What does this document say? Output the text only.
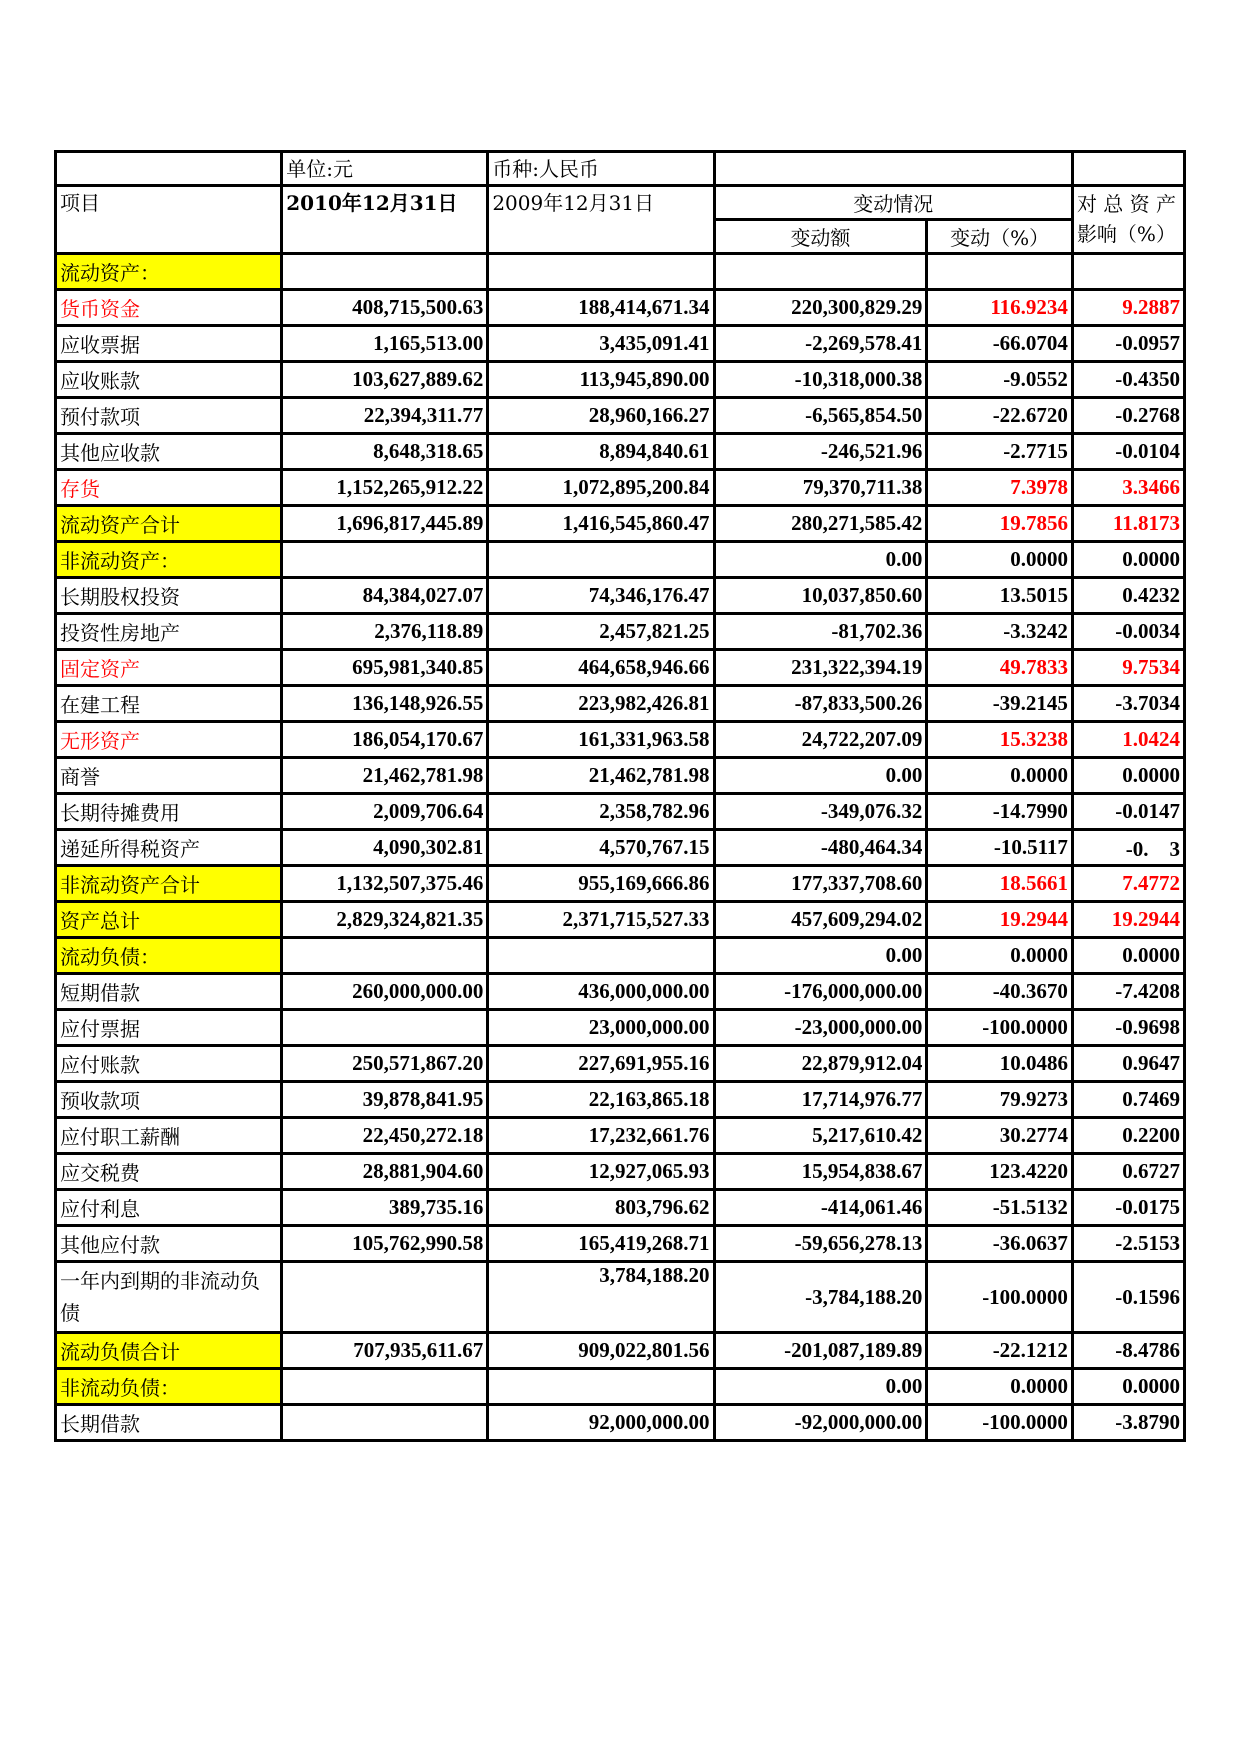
	单位:元	币种:人民币			
项目	2010年12月31日	2009年12月31日	变动情况		对 总 资 产
影响（%）

			变动额	变动（%）	
流动资产：					
货币资金	408,715,500.63	188,414,671.34	220,300,829.29	116.9234	9.2887
应收票据	1,165,513.00	3,435,091.41	-2,269,578.41	-66.0704	-0.0957
应收账款	103,627,889.62	113,945,890.00	-10,318,000.38	-9.0552	-0.4350
预付款项	22,394,311.77	28,960,166.27	-6,565,854.50	-22.6720	-0.2768
其他应收款	8,648,318.65	8,894,840.61	-246,521.96	-2.7715	-0.0104
存货	1,152,265,912.22	1,072,895,200.84	79,370,711.38	7.3978	3.3466
流动资产合计	1,696,817,445.89	1,416,545,860.47	280,271,585.42	19.7856	11.8173
非流动资产：			0.00	0.0000	0.0000
长期股权投资	84,384,027.07	74,346,176.47	10,037,850.60	13.5015	0.4232
投资性房地产	2,376,118.89	2,457,821.25	-81,702.36	-3.3242	-0.0034
固定资产	695,981,340.85	464,658,946.66	231,322,394.19	49.7833	9.7534
在建工程	136,148,926.55	223,982,426.81	-87,833,500.26	-39.2145	-3.7034
无形资产	186,054,170.67	161,331,963.58	24,722,207.09	15.3238	1.0424
商誉	21,462,781.98	21,462,781.98	0.00	0.0000	0.0000
长期待摊费用	2,009,706.64	2,358,782.96	-349,076.32	-14.7990	-0.0147
递延所得税资产	4,090,302.81	4,570,767.15	-480,464.34	-10.5117	-0.　3
非流动资产合计	1,132,507,375.46	955,169,666.86	177,337,708.60	18.5661	7.4772
资产总计	2,829,324,821.35	2,371,715,527.33	457,609,294.02	19.2944	19.2944
流动负债：			0.00	0.0000	0.0000
短期借款	260,000,000.00	436,000,000.00	-176,000,000.00	-40.3670	-7.4208
应付票据		23,000,000.00	-23,000,000.00	-100.0000	-0.9698
应付账款	250,571,867.20	227,691,955.16	22,879,912.04	10.0486	0.9647
预收款项	39,878,841.95	22,163,865.18	17,714,976.77	79.9273	0.7469
应付职工薪酬	22,450,272.18	17,232,661.76	5,217,610.42	30.2774	0.2200
应交税费	28,881,904.60	12,927,065.93	15,954,838.67	123.4220	0.6727
应付利息	389,735.16	803,796.62	-414,061.46	-51.5132	-0.0175
其他应付款	105,762,990.58	165,419,268.71	-59,656,278.13	-36.0637	-2.5153
一年内到期的非流动负债		3,784,188.20	-3,784,188.20	-100.0000	-0.1596
流动负债合计	707,935,611.67	909,022,801.56	-201,087,189.89	-22.1212	-8.4786
非流动负债：			0.00	0.0000	0.0000
长期借款		92,000,000.00	-92,000,000.00	-100.0000	-3.8790
